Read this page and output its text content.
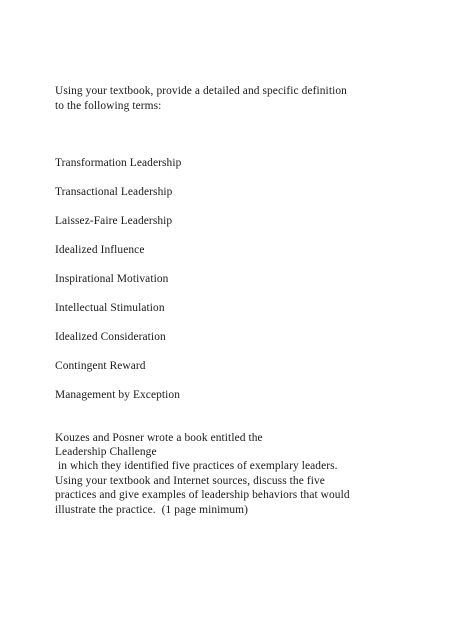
Using your textbook, provide a detailed and specific definition
to the following terms:
Transformation Leadership
Transactional Leadership
Laissez-Faire Leadership
Idealized Influence
Inspirational Motivation
Intellectual Stimulation
Idealized Consideration
Contingent Reward
Management by Exception
Kouzes and Posner wrote a book entitled the
Leadership Challenge
in which they identified five practices of exemplary leaders.
Using your textbook and Internet sources, discuss the five
practices and give examples of leadership behaviors that would
illustrate the practice.  (1 page minimum)
